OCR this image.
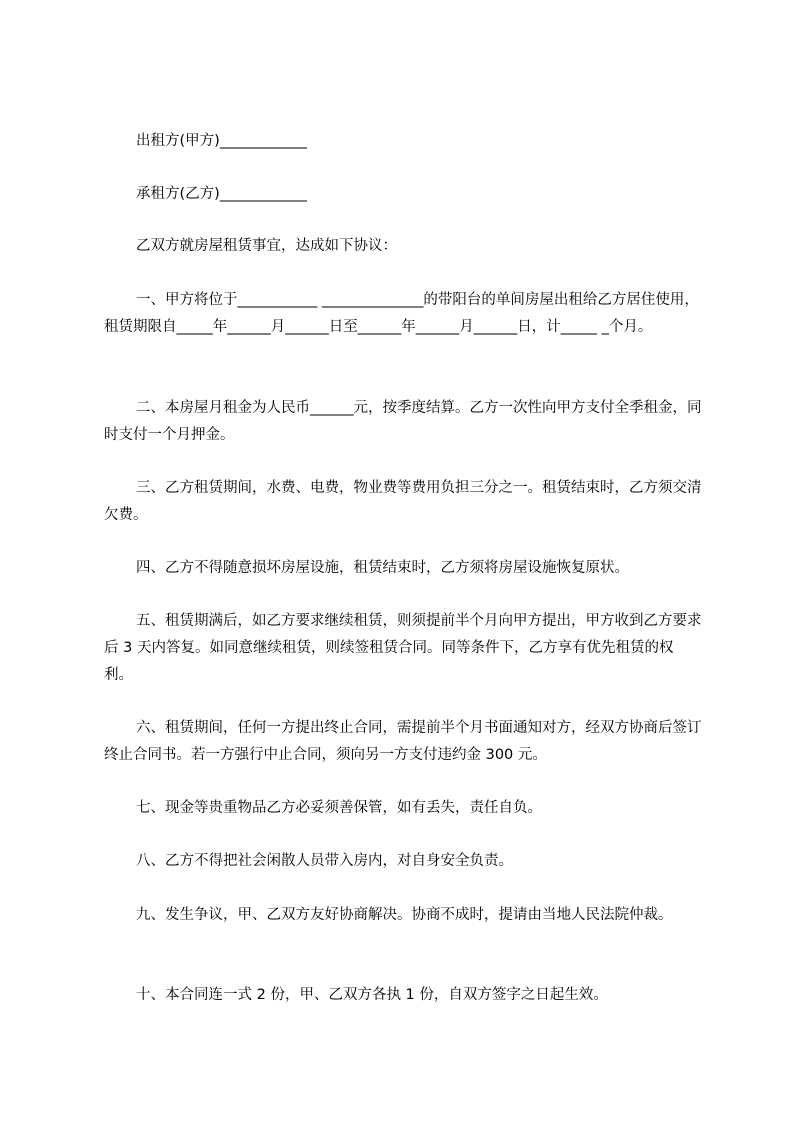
出租方(甲方)____________

承租方(乙方)____________

乙双方就房屋租赁事宜，达成如下协议：

一、甲方将位于___________ ______________的带阳台的单间房屋出租给乙方居住使用，租赁期限自_____年______月______日至______年______月______日，计_____ _个月。

二、本房屋月租金为人民币______元，按季度结算。乙方一次性向甲方支付全季租金，同时支付一个月押金。

三、乙方租赁期间，水费、电费，物业费等费用负担三分之一。租赁结束时，乙方须交清欠费。

四、乙方不得随意损坏房屋设施，租赁结束时，乙方须将房屋设施恢复原状。

五、租赁期满后，如乙方要求继续租赁，则须提前半个月向甲方提出，甲方收到乙方要求后 3 天内答复。如同意继续租赁，则续签租赁合同。同等条件下，乙方享有优先租赁的权利。

六、租赁期间，任何一方提出终止合同，需提前半个月书面通知对方，经双方协商后签订终止合同书。若一方强行中止合同，须向另一方支付违约金 300 元。

七、现金等贵重物品乙方必妥须善保管，如有丢失，责任自负。

八、乙方不得把社会闲散人员带入房内，对自身安全负责。

九、发生争议，甲、乙双方友好协商解决。协商不成时，提请由当地人民法院仲裁。

十、本合同连一式 2 份，甲、乙双方各执 1 份，自双方签字之日起生效。
